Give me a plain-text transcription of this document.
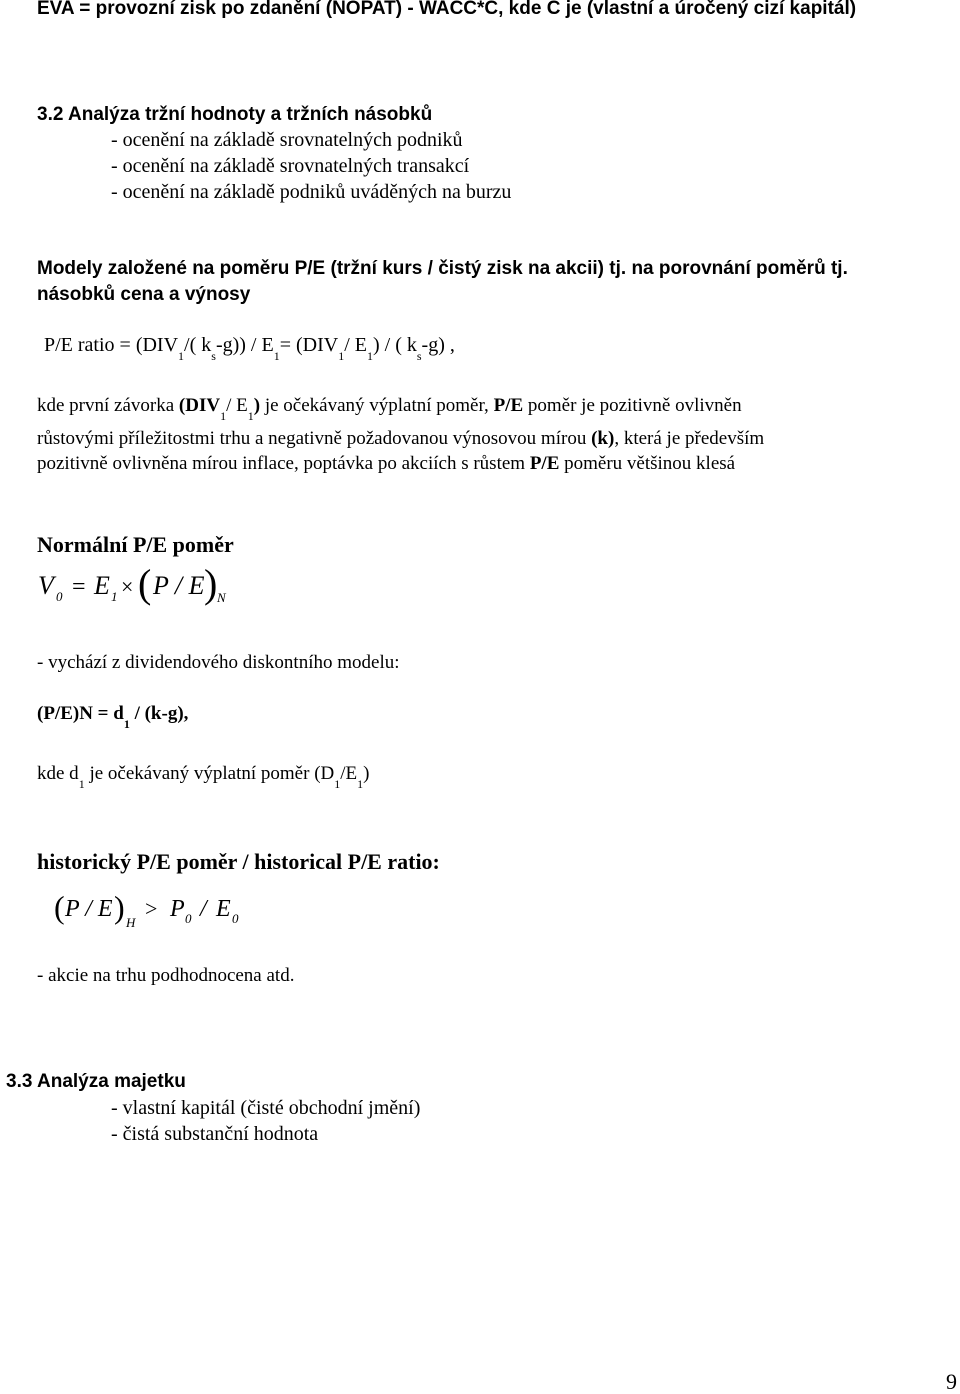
EVA = provozní zisk po zdanění (NOPAT) - WACC*C, kde C je (vlastní a úročený cizí kapitál)
3.2 Analýza tržní hodnoty a tržních násobků
- ocenění na základě srovnatelných podniků
- ocenění na základě srovnatelných transakcí
- ocenění na základě podniků uváděných na burzu
Modely založené na poměru P/E (tržní kurs / čistý zisk na akcii) tj. na porovnání poměrů tj.
násobků cena a výnosy
P/E ratio = ($DIV_1/$( $k_s-g)) / E_1= (DIV_1/$ $E_1$) / ( $k_s-g$) ,
kde první závorka ($DIV_1/$ $E_1$) je očekávaný výplatní poměr, P/E poměr je pozitivně ovlivněn
růstovými příležitostmi trhu a negativně požadovanou výnosovou mírou (k), která je především
pozitivně ovlivněna mírou inflace, poptávka po akciích s růstem P/E poměru většinou klesá
Normální P/E poměr
V 0 = E 1 × ( P / E ) N
- vychází z dividendového diskontního modelu:
$(P/E)N = d_1 / (k-g)$,
kde $d_1$ je očekávaný výplatní poměr $(D_1/E_1)$
historický P/E poměr / historical P/E ratio:
( P / E ) H
> P 0 / E 0
- akcie na trhu podhodnocena atd.
3.3 Analýza majetku
- vlastní kapitál (čisté obchodní jmění)
- čistá substanční hodnota
9
